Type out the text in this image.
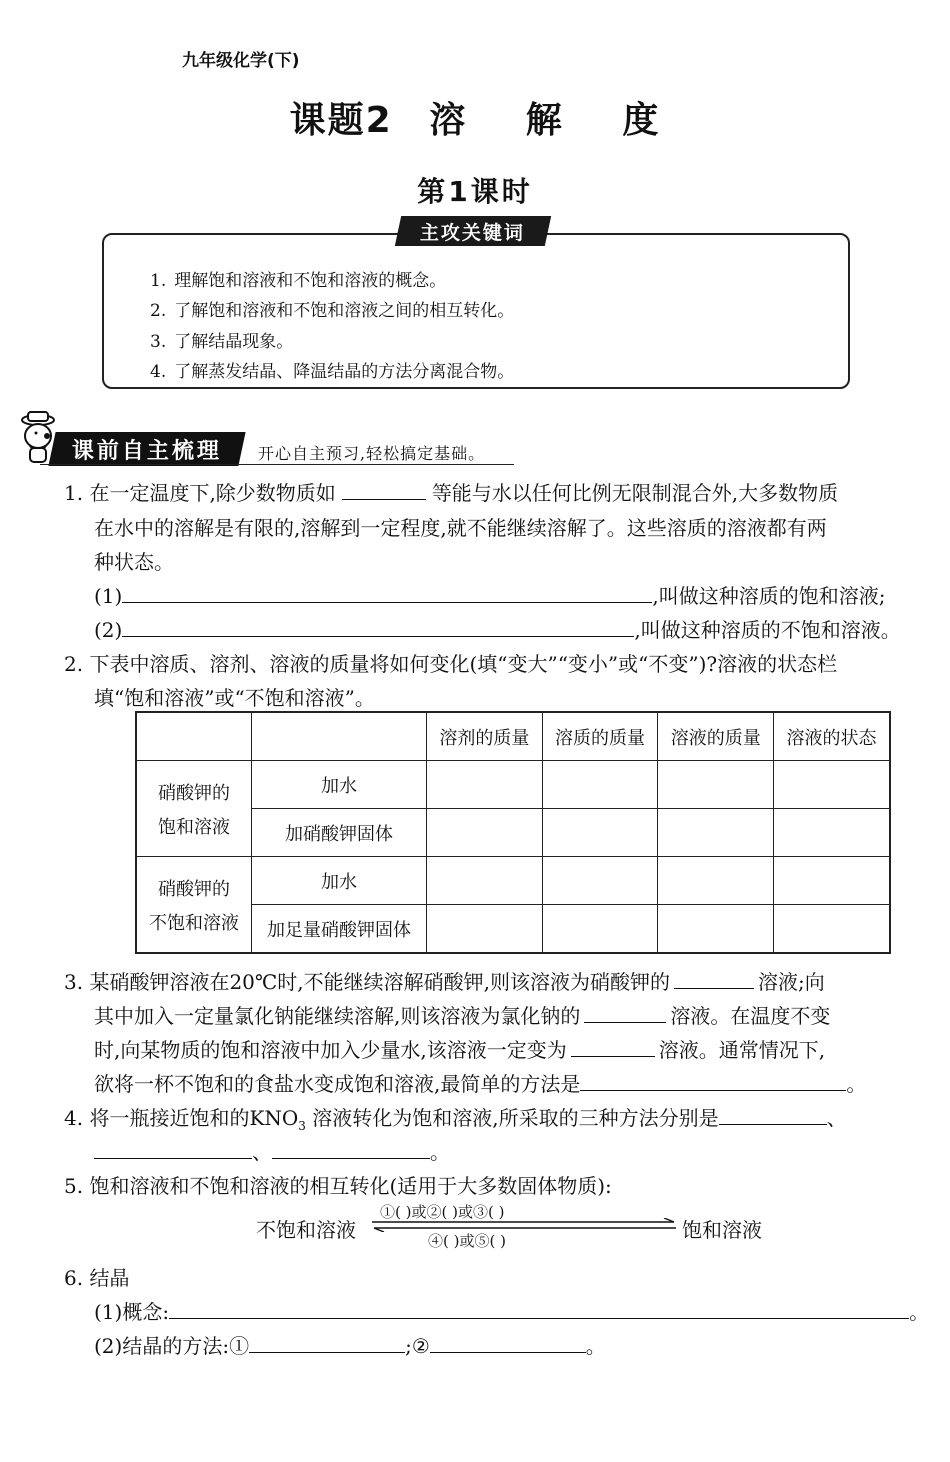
九年级化学(下)
课题2 溶 解 度
第1课时
主攻关键词
1. 理解饱和溶液和不饱和溶液的概念。
2. 了解饱和溶液和不饱和溶液之间的相互转化。
3. 了解结晶现象。
4. 了解蒸发结晶、降温结晶的方法分离混合物。
课前自主梳理 开心自主预习,轻松搞定基础。
1. 在一定温度下,除少数物质如	等能与水以任何比例无限制混合外,大多数物质
在水中的溶解是有限的,溶解到一定程度,就不能继续溶解了。这些溶质的溶液都有两
种状态。
(1)	,叫做这种溶质的饱和溶液;
(2)	,叫做这种溶质的不饱和溶液。
2. 下表中溶质、溶剂、溶液的质量将如何变化(填“变大”“变小”或“不变”)?溶液的状态栏
填“饱和溶液”或“不饱和溶液”。
		溶剂的质量	溶质的质量	溶液的质量	溶液的状态

硝酸钾的
饱和溶液	加水				
	加硝酸钾固体				

硝酸钾的
不饱和溶液	加水				
	加足量硝酸钾固体				
3. 某硝酸钾溶液在20℃时,不能继续溶解硝酸钾,则该溶液为硝酸钾的	溶液;向
其中加入一定量氯化钠能继续溶解,则该溶液为氯化钠的	溶液。在温度不变
时,向某物质的饱和溶液中加入少量水,该溶液一定变为	溶液。通常情况下,
欲将一杯不饱和的食盐水变成饱和溶液,最简单的方法是	。
4. 将一瓶接近饱和的$KNO_3$ 溶液转化为饱和溶液,所采取的三种方法分别是	、
、	。
5. 饱和溶液和不饱和溶液的相互转化(适用于大多数固体物质):
不饱和溶液
①( )或②( )或③( )
④( )或⑤( )	饱和溶液
6. 结晶
(1)概念:	。
(2)结晶的方法:①	;②	。
